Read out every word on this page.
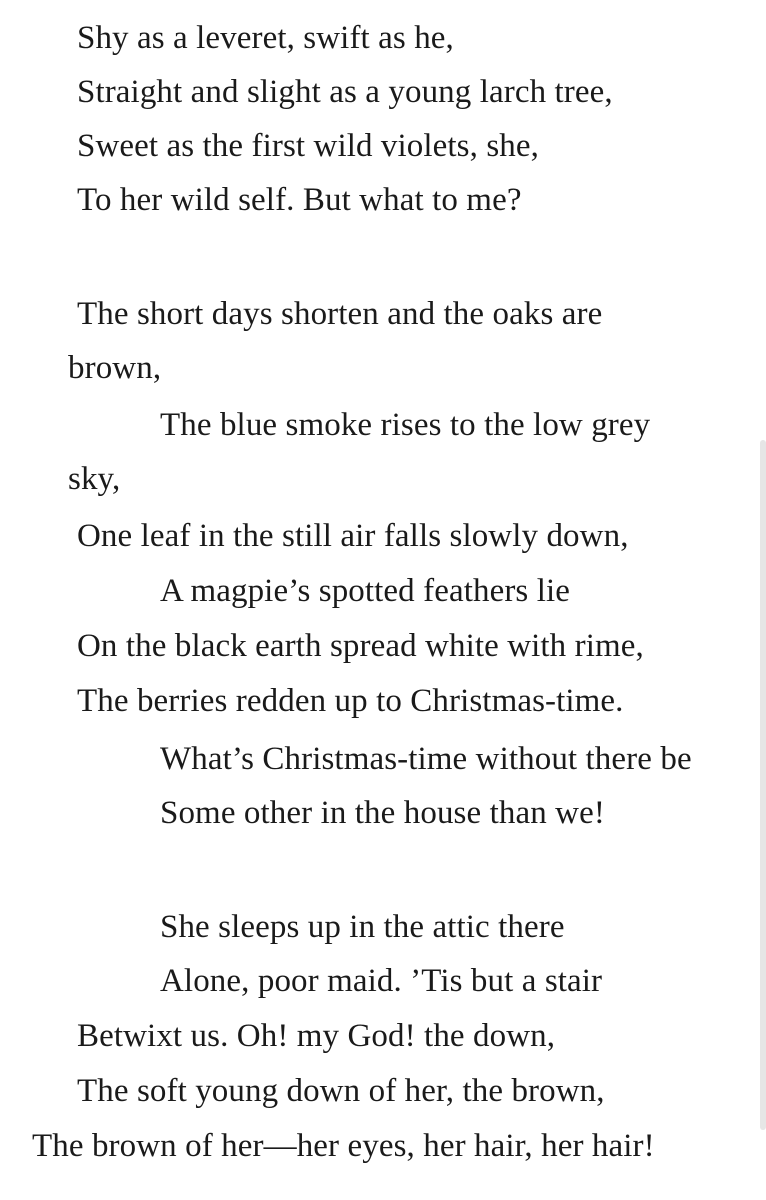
Shy as a leveret, swift as he,
Straight and slight as a young larch tree,
Sweet as the first wild violets, she,
To her wild self. But what to me?
The short days shorten and the oaks are
brown,
The blue smoke rises to the low grey
sky,
One leaf in the still air falls slowly down,
A magpie’s spotted feathers lie
On the black earth spread white with rime,
The berries redden up to Christmas-time.
What’s Christmas-time without there be
Some other in the house than we!
She sleeps up in the attic there
Alone, poor maid. ’Tis but a stair
Betwixt us. Oh! my God! the down,
The soft young down of her, the brown,
The brown of her—her eyes, her hair, her hair!
